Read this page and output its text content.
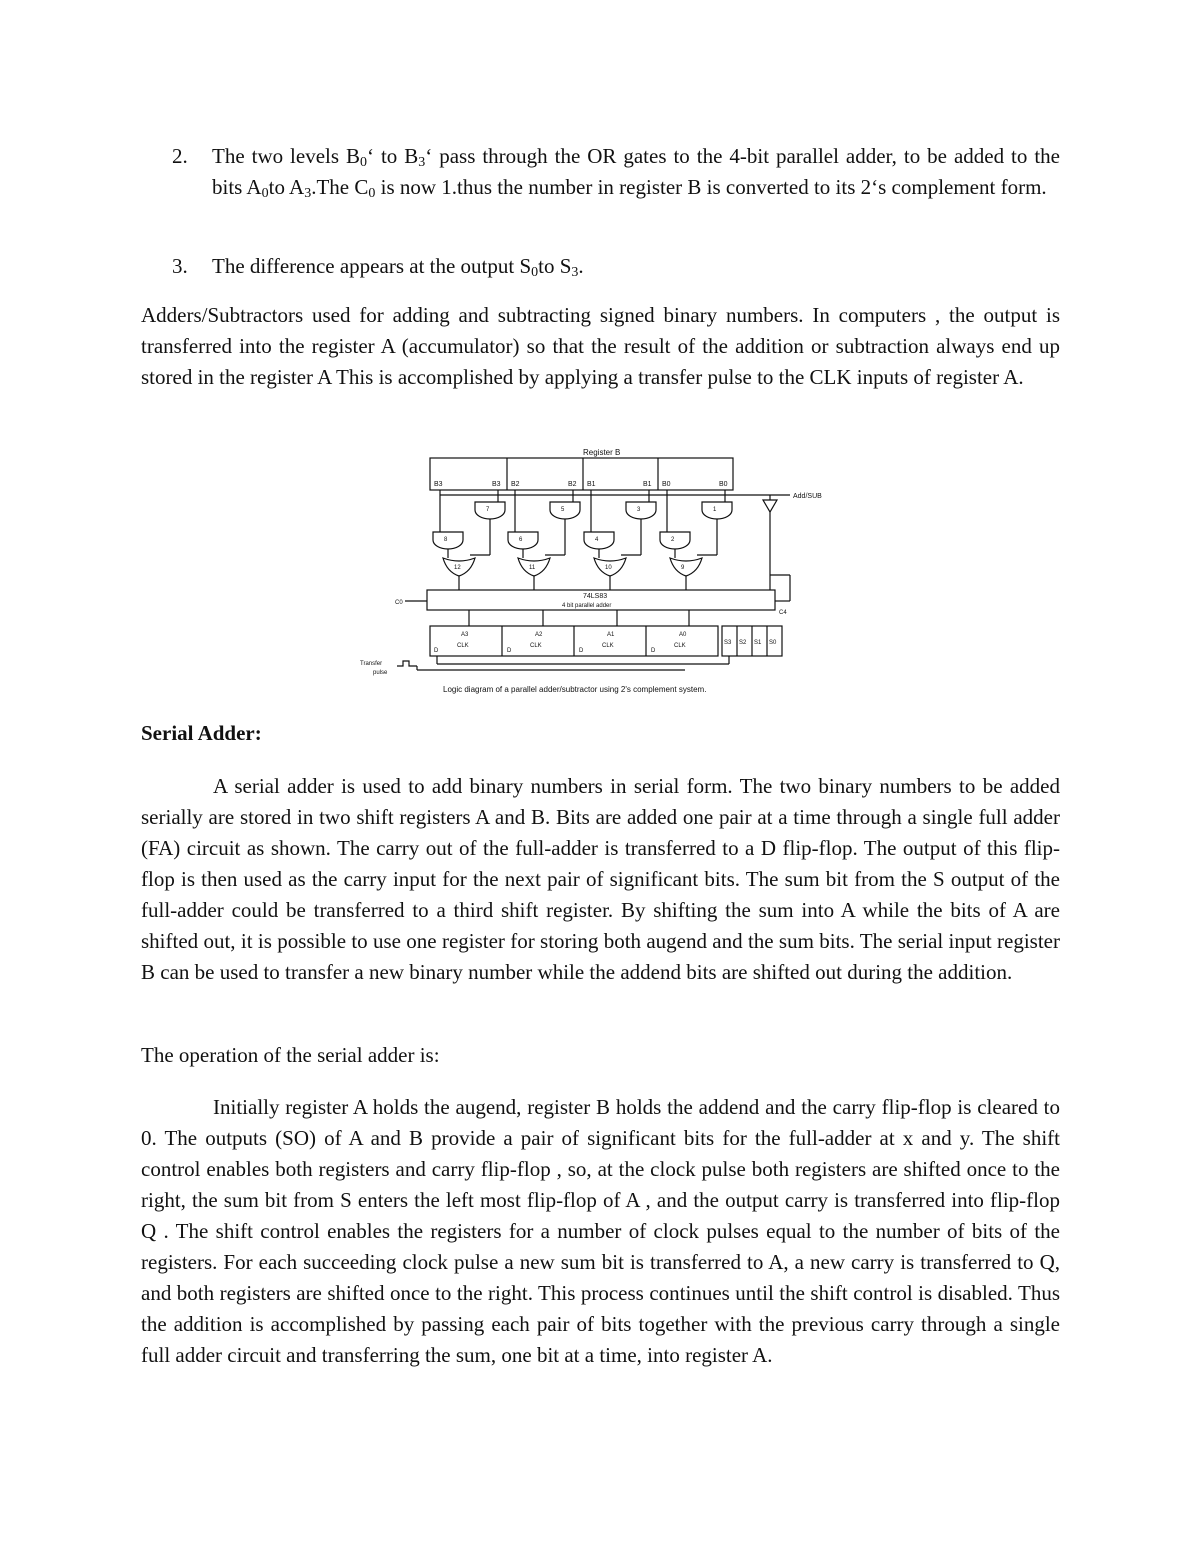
2. The two levels $B_0‘$ to $B_3‘$ pass through the OR gates to the 4-bit parallel adder, to be added to the bits $A_0to$ $A_3.The$ $C_0$ is now 1.thus the number in register B is converted to its 2‘s complement form.
3. The difference appears at the output $S_0to$ $S_3$.
Adders/Subtractors used for adding and subtracting signed binary numbers. In computers , the output is transferred into the register A (accumulator) so that the result of the addition or subtraction always end up stored in the register A This is accomplished by applying a transfer pulse to the CLK inputs of register A.
Register B
B3	B3 B2	B2 B1	B1 B0	B0
Add/SUB
7
8
12
5
6
11
3
4
10
1
2
9
74LS83
4 bit parallel adder
C0
C4
A3	A2	A1	A0
CLK	CLK	CLK	CLK
D	D	D	D
S3 S2 S1 S0
Transfer
pulse
Logic diagram of a parallel adder/subtractor using 2's complement system.
Serial Adder:
A serial adder is used to add binary numbers in serial form. The two binary numbers to be added serially are stored in two shift registers A and B. Bits are added one pair at a time through a single full adder (FA) circuit as shown. The carry out of the full-adder is transferred to a D flip-flop. The output of this flip-flop is then used as the carry input for the next pair of significant bits. The sum bit from the S output of the full-adder could be transferred to a third shift register. By shifting the sum into A while the bits of A are shifted out, it is possible to use one register for storing both augend and the sum bits. The serial input register B can be used to transfer a new binary number while the addend bits are shifted out during the addition.
The operation of the serial adder is:
Initially register A holds the augend, register B holds the addend and the carry flip-flop is cleared to 0. The outputs (SO) of A and B provide a pair of significant bits for the full-adder at x and y. The shift control enables both registers and carry flip-flop , so, at the clock pulse both registers are shifted once to the right, the sum bit from S enters the left most flip-flop of A , and the output carry is transferred into flip-flop Q . The shift control enables the registers for a number of clock pulses equal to the number of bits of the registers. For each succeeding clock pulse a new sum bit is transferred to A, a new carry is transferred to Q, and both registers are shifted once to the right. This process continues until the shift control is disabled. Thus the addition is accomplished by passing each pair of bits together with the previous carry through a single full adder circuit and transferring the sum, one bit at a time, into register A.
